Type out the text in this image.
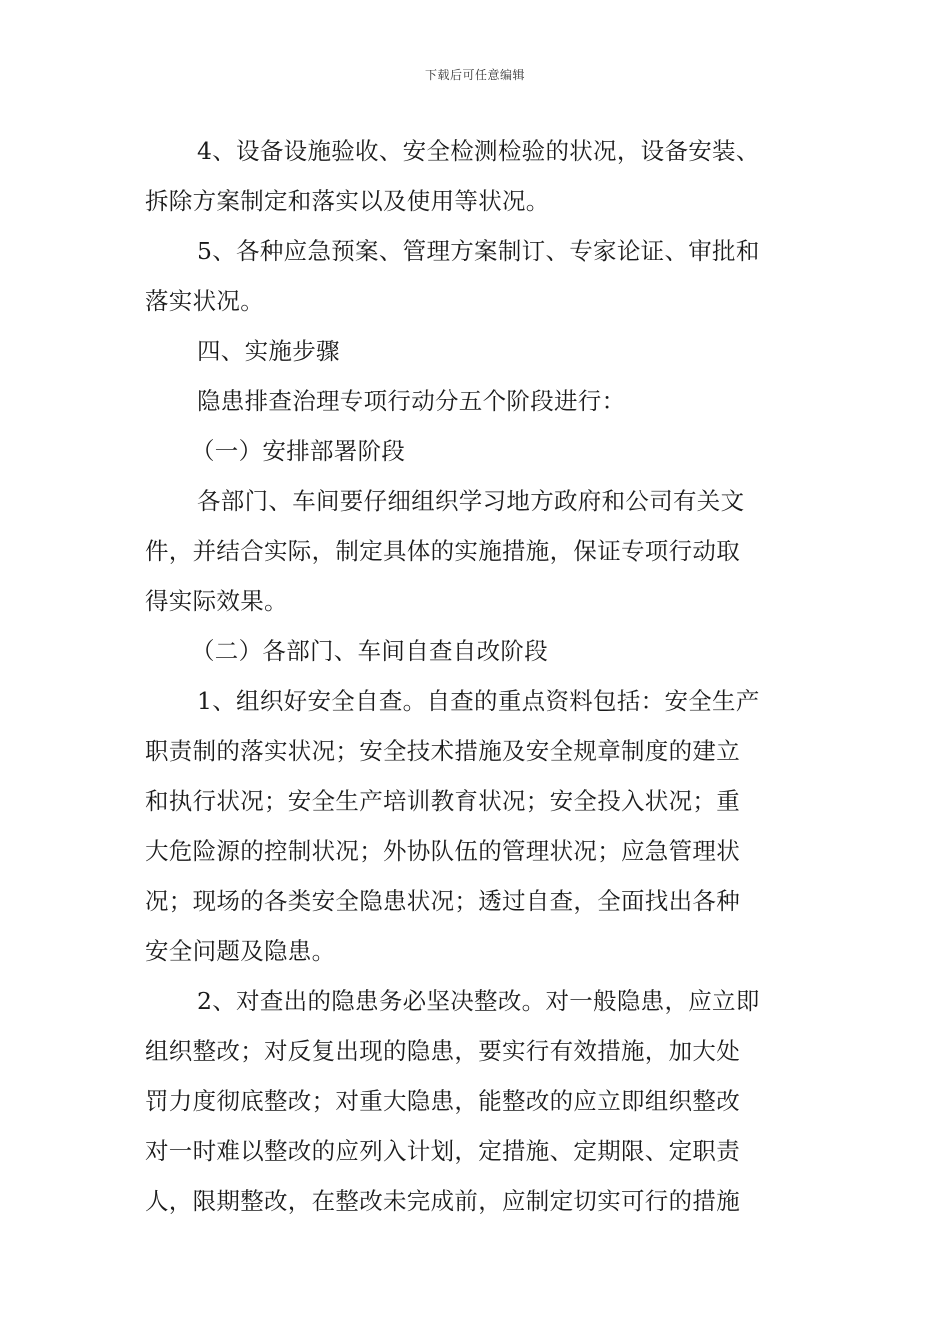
下载后可任意编辑
4、设备设施验收、安全检测检验的状况，设备安装、
拆除方案制定和落实以及使用等状况。
5、各种应急预案、管理方案制订、专家论证、审批和
落实状况。
四、实施步骤
隐患排查治理专项行动分五个阶段进行：
（一）安排部署阶段
各部门、车间要仔细组织学习地方政府和公司有关文
件，并结合实际，制定具体的实施措施，保证专项行动取
得实际效果。
（二）各部门、车间自查自改阶段
1、组织好安全自查。自查的重点资料包括：安全生产
职责制的落实状况；安全技术措施及安全规章制度的建立
和执行状况；安全生产培训教育状况；安全投入状况；重
大危险源的控制状况；外协队伍的管理状况；应急管理状
况；现场的各类安全隐患状况；透过自查，全面找出各种
安全问题及隐患。
2、对查出的隐患务必坚决整改。对一般隐患，应立即
组织整改；对反复出现的隐患，要实行有效措施，加大处
罚力度彻底整改；对重大隐患，能整改的应立即组织整改
对一时难以整改的应列入计划，定措施、定期限、定职责
人，限期整改，在整改未完成前，应制定切实可行的措施
